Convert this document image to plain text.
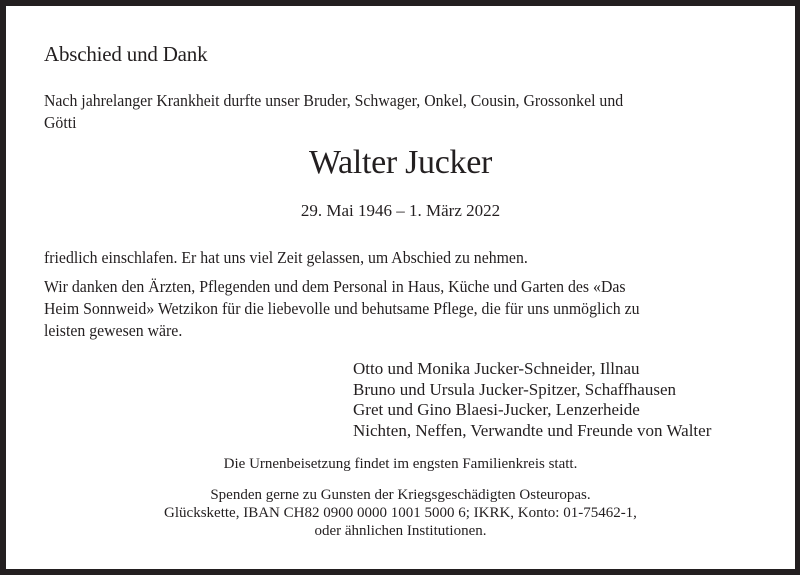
Abschied und Dank
Nach jahrelanger Krankheit durfte unser Bruder, Schwager, Onkel, Cousin, Grossonkel und
Götti
Walter Jucker
29. Mai 1946 – 1. März 2022
friedlich einschlafen. Er hat uns viel Zeit gelassen, um Abschied zu nehmen.
Wir danken den Ärzten, Pflegenden und dem Personal in Haus, Küche und Garten des «Das
Heim Sonnweid» Wetzikon für die liebevolle und behutsame Pflege, die für uns unmöglich zu
leisten gewesen wäre.
Otto und Monika Jucker-Schneider, Illnau
Bruno und Ursula Jucker-Spitzer, Schaffhausen
Gret und Gino Blaesi-Jucker, Lenzerheide
Nichten, Neffen, Verwandte und Freunde von Walter
Die Urnenbeisetzung findet im engsten Familienkreis statt.
Spenden gerne zu Gunsten der Kriegsgeschädigten Osteuropas.
Glückskette, IBAN CH82 0900 0000 1001 5000 6; IKRK, Konto: 01-75462-1,
oder ähnlichen Institutionen.
